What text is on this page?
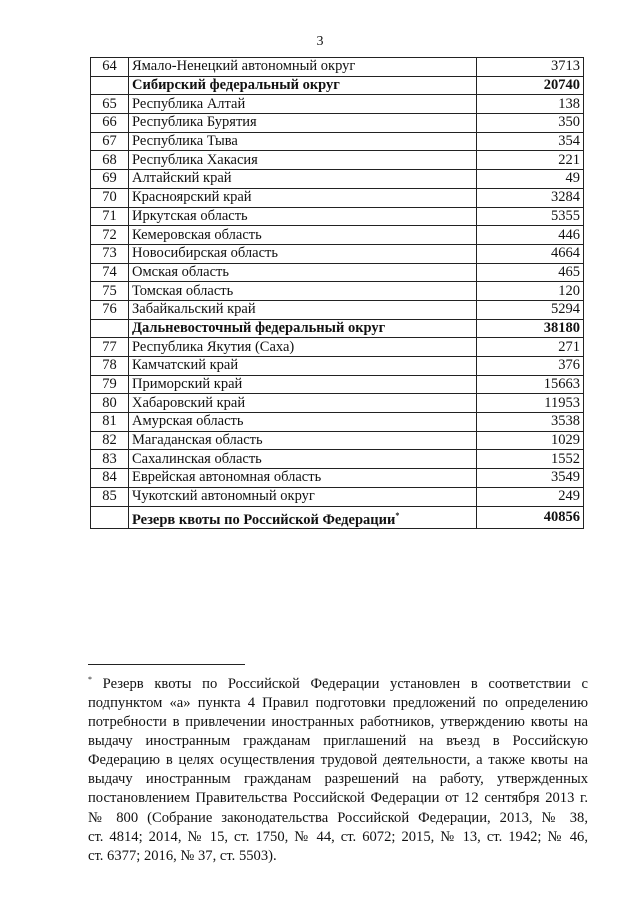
3
64	Ямало-Ненецкий автономный округ	3713
	Сибирский федеральный округ	20740
65	Республика Алтай	138
66	Республика Бурятия	350
67	Республика Тыва	354
68	Республика Хакасия	221
69	Алтайский край	49
70	Красноярский край	3284
71	Иркутская область	5355
72	Кемеровская область	446
73	Новосибирская область	4664
74	Омская область	465
75	Томская область	120
76	Забайкальский край	5294
	Дальневосточный федеральный округ	38180
77	Республика Якутия (Саха)	271
78	Камчатский край	376
79	Приморский край	15663
80	Хабаровский край	11953
81	Амурская область	3538
82	Магаданская область	1029
83	Сахалинская область	1552
84	Еврейская автономная область	3549
85	Чукотский автономный округ	249
	Резерв квоты по Российской Федерации*	40856
* Резерв квоты по Российской Федерации установлен в соответствии с
подпунктом «а» пункта 4 Правил подготовки предложений по определению
потребности в привлечении иностранных работников, утверждению квоты на
выдачу иностранным гражданам приглашений на въезд в Российскую
Федерацию в целях осуществления трудовой деятельности, а также квоты на
выдачу иностранным гражданам разрешений на работу, утвержденных
постановлением Правительства Российской Федерации от 12 сентября 2013 г.
№ 800 (Собрание законодательства Российской Федерации, 2013, № 38,
ст. 4814; 2014, № 15, ст. 1750, № 44, ст. 6072; 2015, № 13, ст. 1942; № 46,
ст. 6377; 2016, № 37, ст. 5503).
